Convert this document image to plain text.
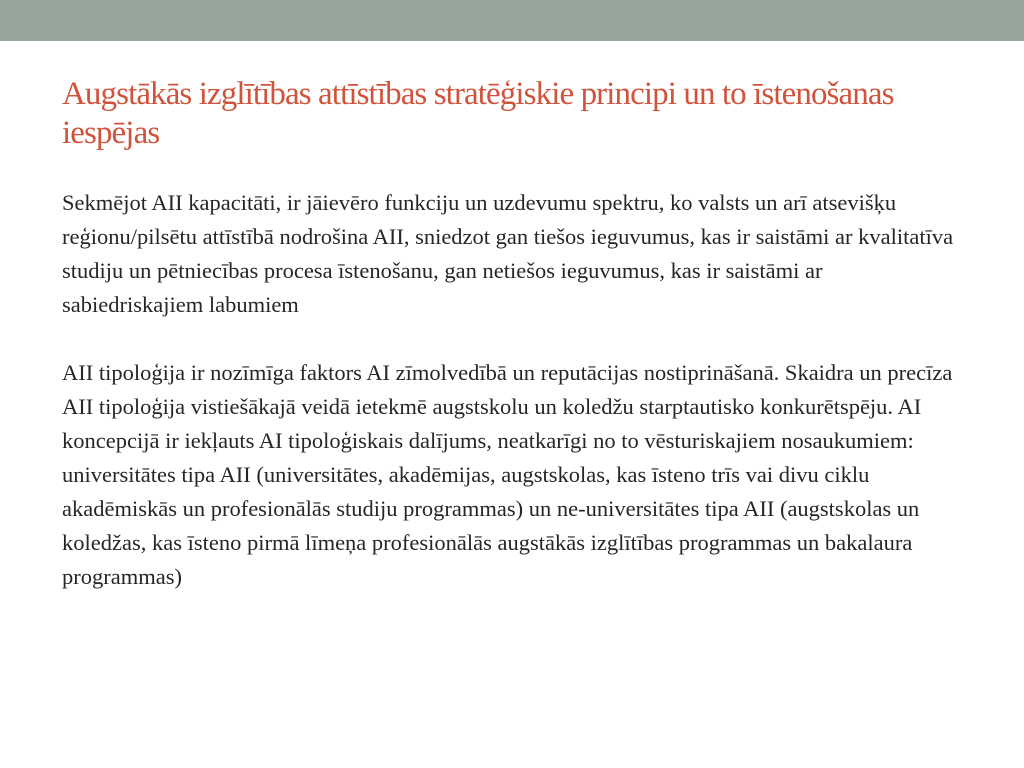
Augstākās izglītības attīstības stratēģiskie principi un to īstenošanas iespējas

Sekmējot AII kapacitāti, ir jāievēro funkciju un uzdevumu spektru, ko valsts un arī atsevišķu reģionu/pilsētu attīstībā nodrošina AII, sniedzot gan tiešos ieguvumus, kas ir saistāmi ar kvalitatīva studiju un pētniecības procesa īstenošanu, gan netiešos ieguvumus, kas ir saistāmi ar sabiedriskajiem labumiem

AII tipoloģija ir nozīmīga faktors AI zīmolvedībā un reputācijas nostiprināšanā. Skaidra un precīza AII tipoloģija vistiešākajā veidā ietekmē augstskolu un koledžu starptautisko konkurētspēju. AI koncepcijā ir iekļauts AI tipoloģiskais dalījums, neatkarīgi no to vēsturiskajiem nosaukumiem: universitātes tipa AII (universitātes, akadēmijas, augstskolas, kas īsteno trīs vai divu ciklu akadēmiskās un profesionālās studiju programmas) un ne-universitātes tipa AII (augstskolas un koledžas, kas īsteno pirmā līmeņa profesionālās augstākās izglītības programmas un bakalaura programmas)
